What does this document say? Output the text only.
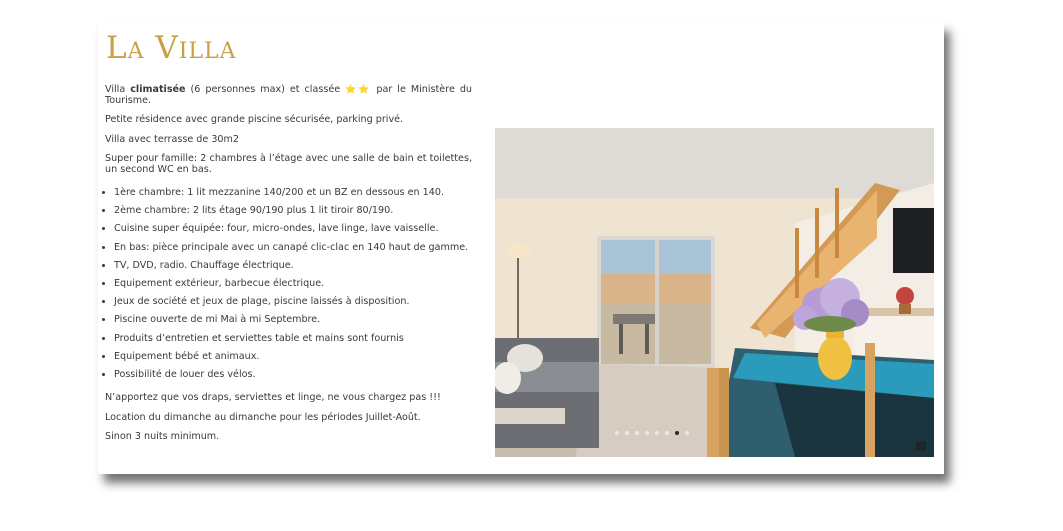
La Villa

Villa climatisée (6 personnes max) et classée ⭐⭐ par le Ministère du Tourisme.

Petite résidence avec grande piscine sécurisée, parking privé.

Villa avec terrasse de 30m2

Super pour famille: 2 chambres à l’étage avec une salle de bain et toilettes, un second WC en bas.

• 1ère chambre: 1 lit mezzanine 140/200 et un BZ en dessous en 140.
• 2ème chambre: 2 lits étage 90/190 plus 1 lit tiroir 80/190.
• Cuisine super équipée: four, micro-ondes, lave linge, lave vaisselle.
• En bas: pièce principale avec un canapé clic-clac en 140 haut de gamme.
• TV, DVD, radio. Chauffage électrique.
• Equipement extérieur, barbecue électrique.
• Jeux de société et jeux de plage, piscine laissés à disposition.
• Piscine ouverte de mi Mai à mi Septembre.
• Produits d’entretien et serviettes table et mains sont fournis
• Equipement bébé et animaux.
• Possibilité de louer des vélos.

N’apportez que vos draps, serviettes et linge, ne vous chargez pas !!!

Location du dimanche au dimanche pour les périodes Juillet-Août.

Sinon 3 nuits minimum.
